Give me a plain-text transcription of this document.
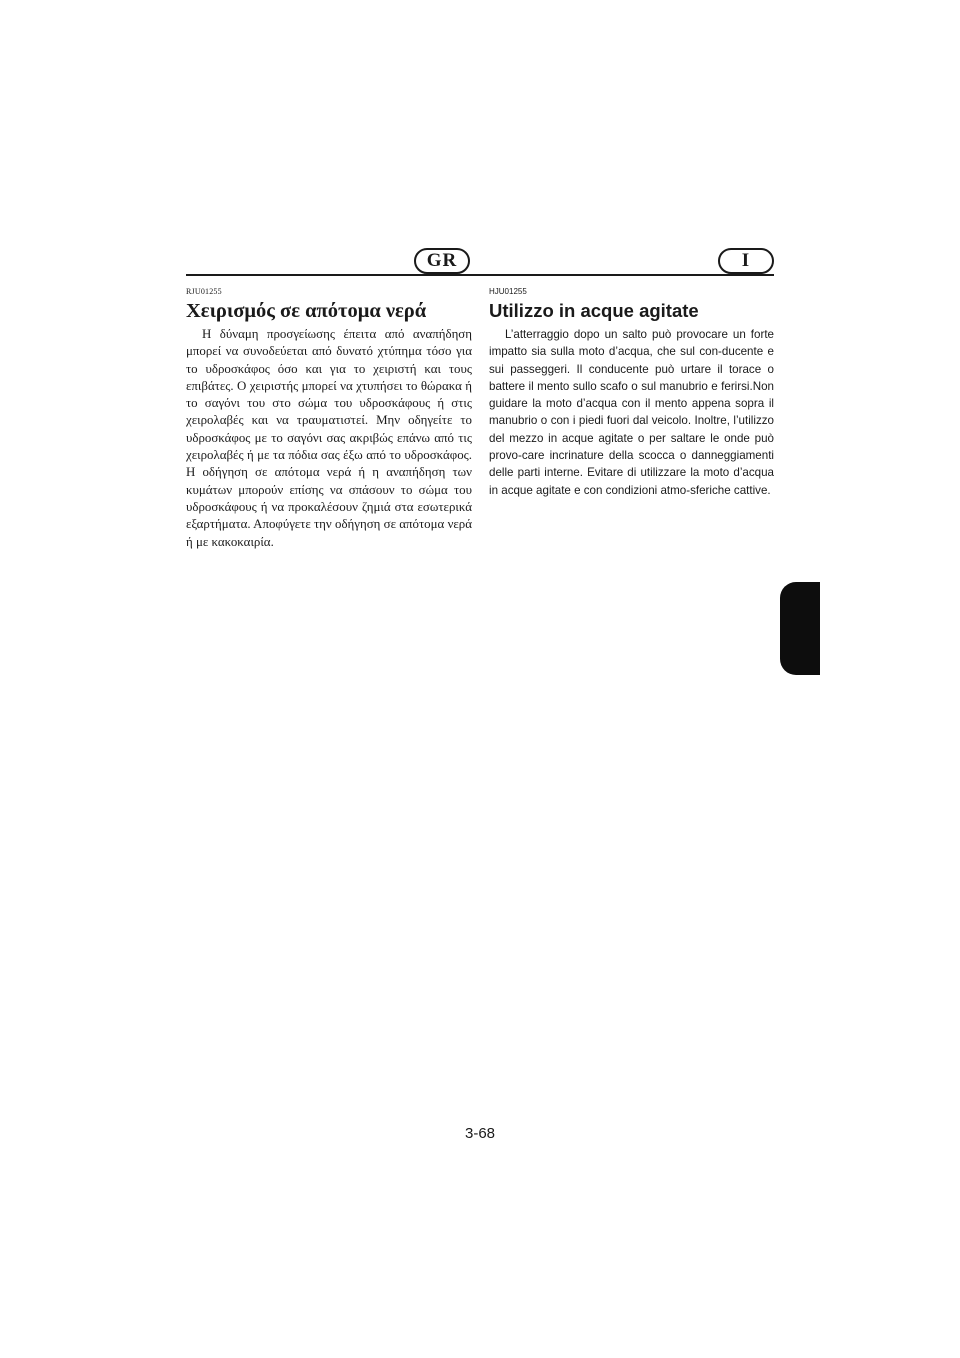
GR	I
RJU01255
Χειρισμός σε απότομα νερά

Η δύναμη προσγείωσης έπειτα από αναπήδηση μπορεί να συνοδεύεται από δυνατό χτύπημα τόσο για το υδροσκάφος όσο και για το χειριστή και τους επιβάτες. Ο χειριστής μπορεί να χτυπήσει το θώρακα ή το σαγόνι του στο σώμα του υδροσκάφους ή στις χειρολαβές και να τραυματιστεί. Μην οδηγείτε το υδροσκάφος με το σαγόνι σας ακριβώς επάνω από τις χειρολαβές ή με τα πόδια σας έξω από το υδροσκάφος. Η οδήγηση σε απότομα νερά ή η αναπήδηση των κυμάτων μπορούν επίσης να σπάσουν το σώμα του υδροσκάφους ή να προκαλέσουν ζημιά στα εσωτερικά εξαρτήματα. Αποφύγετε την οδήγηση σε απότομα νερά ή με κακοκαιρία.

HJU01255
Utilizzo in acque agitate

L’atterraggio dopo un salto può provocare un forte impatto sia sulla moto d’acqua, che sul con-ducente e sui passeggeri. Il conducente può urtare il torace o battere il mento sullo scafo o sul manubrio e ferirsi.Non guidare la moto d’acqua con il mento appena sopra il manubrio o con i piedi fuori dal veicolo. Inoltre, l’utilizzo del mezzo in acque agitate o per saltare le onde può provo-care incrinature della scocca o danneggiamenti delle parti interne. Evitare di utilizzare la moto d’acqua in acque agitate e con condizioni atmo-sferiche cattive.

3-68
